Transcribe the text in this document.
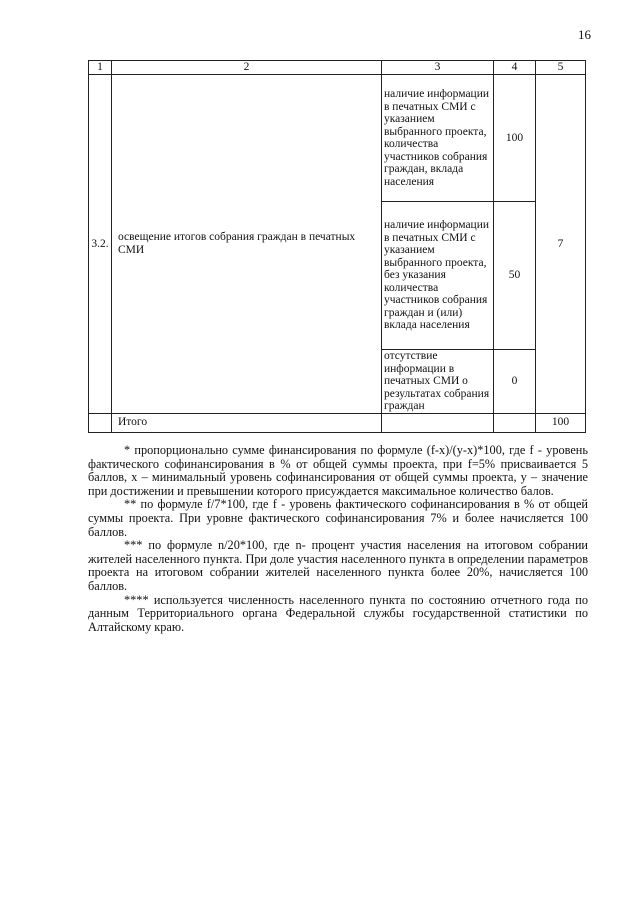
16
1	2	3	4	5
3.2.	освещение итогов собрания граждан в печатных СМИ	наличие информации в печатных СМИ с указанием выбранного проекта, количества участников собрания граждан, вклада населения	100	7
		наличие информации в печатных СМИ с указанием выбранного проекта, без указания количества участников собрания граждан и (или) вклада населения	50	
		отсутствие информации в печатных СМИ о результатах собрания граждан	0	
	Итого			100

* пропорционально сумме финансирования по формуле (f-x)/(y-x)*100, где f - уровень фактического софинансирования в % от общей суммы проекта, при f=5% присваивается 5 баллов, x – минимальный уровень софинансирования от общей суммы проекта, y – значение при достижении и превышении которого присуждается максимальное количество балов.

** по формуле f/7*100, где f - уровень фактического софинансирования в % от общей суммы проекта. При уровне фактического софинансирования 7% и более начисляется 100 баллов.

*** по формуле n/20*100, где n- процент участия населения на итоговом собрании жителей населенного пункта. При доле участия населенного пункта в определении параметров проекта на итоговом собрании жителей населенного пункта более 20%, начисляется 100 баллов.

**** используется численность населенного пункта по состоянию отчетного года по данным Территориального органа Федеральной службы государственной статистики по Алтайскому краю.
